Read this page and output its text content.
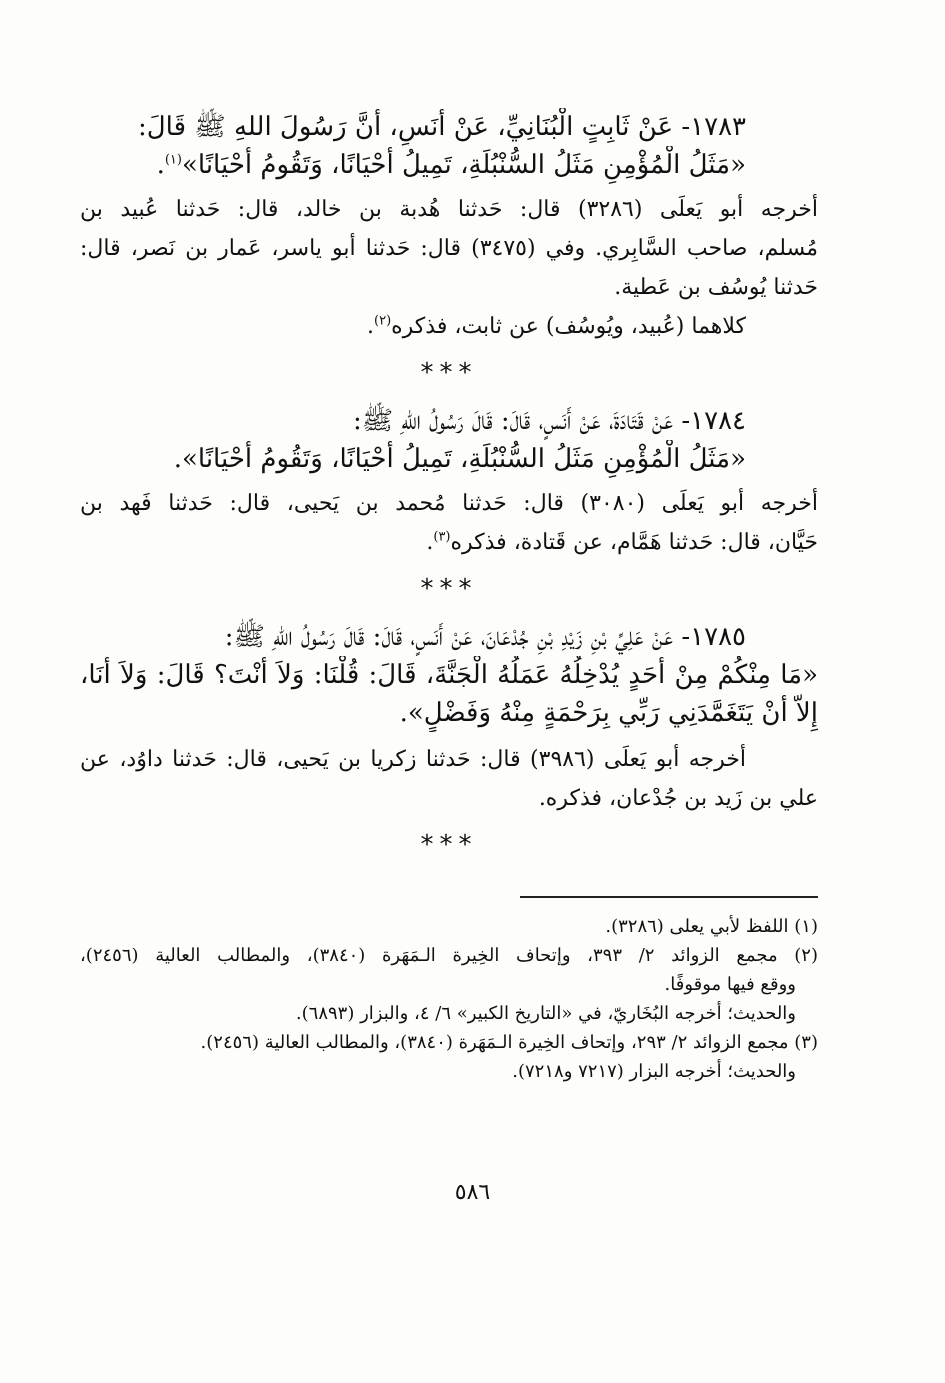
١٧٨٣- عَنْ ثَابِتٍ الْبُنَانِيِّ، عَنْ أَنَسٍ، أَنَّ رَسُولَ اللهِ ﷺ قَالَ:
«مَثَلُ الْمُؤْمِنِ مَثَلُ السُّنْبُلَةِ، تَمِيلُ أَحْيَانًا، وَتَقُومُ أَحْيَانًا»$^{(١)}$.
أخرجه أبو يَعلَى (٣٢٨٦) قال: حَدثنا هُدبة بن خالد، قال: حَدثنا عُبيد بن
مُسلم، صاحب السَّابِري. وفي (٣٤٧٥) قال: حَدثنا أبو ياسر، عَمار بن نَصر، قال:
حَدثنا يُوسُف بن عَطية.
كلاهما (عُبيد، ويُوسُف) عن ثابت، فذكره$^{(٢)}$.
***
١٧٨٤- عَنْ قَتَادَةَ، عَنْ أَنَسٍ، قَالَ: قَالَ رَسُولُ اللهِ ﷺ:
«مَثَلُ الْمُؤْمِنِ مَثَلُ السُّنْبُلَةِ، تَمِيلُ أَحْيَانًا، وَتَقُومُ أَحْيَانًا».
أخرجه أبو يَعلَى (٣٠٨٠) قال: حَدثنا مُحمد بن يَحيى، قال: حَدثنا فَهد بن
حَيَّان، قال: حَدثنا هَمَّام، عن قَتادة، فذكره$^{(٣)}$.
***
١٧٨٥- عَنْ عَلِيِّ بْنِ زَيْدِ بْنِ جُدْعَانَ، عَنْ أَنَسٍ، قَالَ: قَالَ رَسُولُ اللهِ ﷺ:
«مَا مِنْكُمْ مِنْ أَحَدٍ يُدْخِلُهُ عَمَلُهُ الْجَنَّةَ، قَالَ: قُلْنَا: وَلاَ أَنْتَ؟ قَالَ: وَلاَ أَنَا،
إِلاَّ أَنْ يَتَغَمَّدَنِي رَبِّي بِرَحْمَةٍ مِنْهُ وَفَضْلٍ».
أخرجه أبو يَعلَى (٣٩٨٦) قال: حَدثنا زكريا بن يَحيى، قال: حَدثنا داوُد، عن
علي بن زَيد بن جُدْعان، فذكره.
***
(١) اللفظ لأبي يعلى (٣٢٨٦).
(٢) مجمع الزوائد ٢/ ٣٩٣، وإتحاف الخِيرة الـمَهَرة (٣٨٤٠)، والمطالب العالية (٢٤٥٦)،
ووقع فيها موقوفًا.
والحديث؛ أخرجه البُخَاريّ، في «التاريخ الكبير» ٦/ ٤، والبزار (٦٨٩٣).
(٣) مجمع الزوائد ٢/ ٢٩٣، وإتحاف الخِيرة الـمَهَرة (٣٨٤٠)، والمطالب العالية (٢٤٥٦).
والحديث؛ أخرجه البزار (٧٢١٧ و٧٢١٨).
٥٨٦
